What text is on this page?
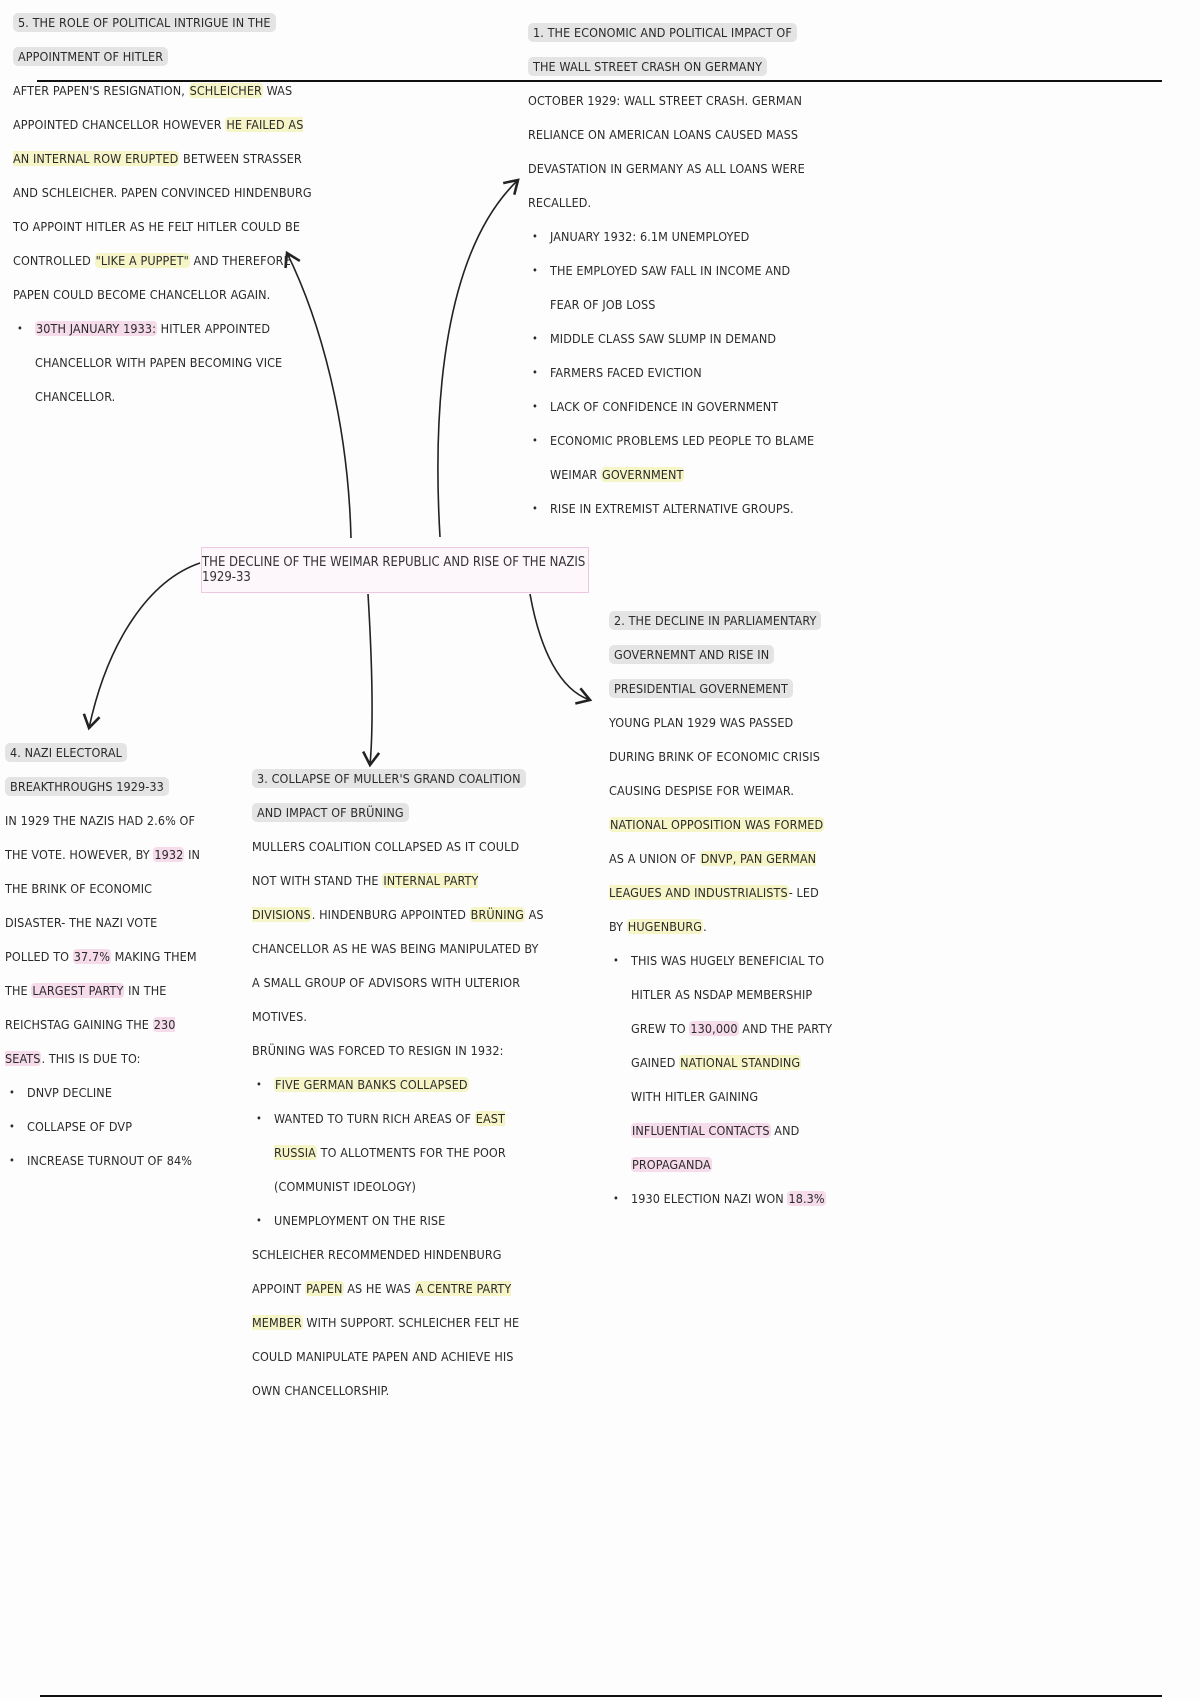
THE DECLINE OF THE WEIMAR REPUBLIC AND RISE OF THE NAZIS 1929-33

5. THE ROLE OF POLITICAL INTRIGUE IN THE APPOINTMENT OF HITLER

AFTER PAPEN'S RESIGNATION, SCHLEICHER WAS APPOINTED CHANCELLOR HOWEVER HE FAILED AS AN INTERNAL ROW ERUPTED BETWEEN STRASSER AND SCHLEICHER. PAPEN CONVINCED HINDENBURG TO APPOINT HITLER AS HE FELT HITLER COULD BE CONTROLLED "LIKE A PUPPET" AND THEREFORE PAPEN COULD BECOME CHANCELLOR AGAIN.

• 30TH JANUARY 1933: HITLER APPOINTED CHANCELLOR WITH PAPEN BECOMING VICE CHANCELLOR.

1. THE ECONOMIC AND POLITICAL IMPACT OF THE WALL STREET CRASH ON GERMANY

OCTOBER 1929: WALL STREET CRASH. GERMAN RELIANCE ON AMERICAN LOANS CAUSED MASS DEVASTATION IN GERMANY AS ALL LOANS WERE RECALLED.

• JANUARY 1932: 6.1M UNEMPLOYED
• THE EMPLOYED SAW FALL IN INCOME AND FEAR OF JOB LOSS
• MIDDLE CLASS SAW SLUMP IN DEMAND
• FARMERS FACED EVICTION
• LACK OF CONFIDENCE IN GOVERNMENT
• ECONOMIC PROBLEMS LED PEOPLE TO BLAME WEIMAR GOVERNMENT
• RISE IN EXTREMIST ALTERNATIVE GROUPS.

4. NAZI ELECTORAL BREAKTHROUGHS 1929-33

IN 1929 THE NAZIS HAD 2.6% OF THE VOTE. HOWEVER, BY 1932 IN THE BRINK OF ECONOMIC DISASTER- THE NAZI VOTE POLLED TO 37.7% MAKING THEM THE LARGEST PARTY IN THE REICHSTAG GAINING THE 230 SEATS. THIS IS DUE TO:

• DNVP DECLINE
• COLLAPSE OF DVP
• INCREASE TURNOUT OF 84%

3. COLLAPSE OF MULLER'S GRAND COALITION AND IMPACT OF BRÜNING

MULLERS COALITION COLLAPSED AS IT COULD NOT WITH STAND THE INTERNAL PARTY DIVISIONS. HINDENBURG APPOINTED BRÜNING AS CHANCELLOR AS HE WAS BEING MANIPULATED BY A SMALL GROUP OF ADVISORS WITH ULTERIOR MOTIVES.

BRÜNING WAS FORCED TO RESIGN IN 1932:

• FIVE GERMAN BANKS COLLAPSED
• WANTED TO TURN RICH AREAS OF EAST RUSSIA TO ALLOTMENTS FOR THE POOR (COMMUNIST IDEOLOGY)
• UNEMPLOYMENT ON THE RISE

SCHLEICHER RECOMMENDED HINDENBURG APPOINT PAPEN AS HE WAS A CENTRE PARTY MEMBER WITH SUPPORT. SCHLEICHER FELT HE COULD MANIPULATE PAPEN AND ACHIEVE HIS OWN CHANCELLORSHIP.

2. THE DECLINE IN PARLIAMENTARY GOVERNEMNT AND RISE IN PRESIDENTIAL GOVERNEMENT

YOUNG PLAN 1929 WAS PASSED DURING BRINK OF ECONOMIC CRISIS CAUSING DESPISE FOR WEIMAR. NATIONAL OPPOSITION WAS FORMED AS A UNION OF DNVP, PAN GERMAN LEAGUES AND INDUSTRIALISTS- LED BY HUGENBURG.

• THIS WAS HUGELY BENEFICIAL TO HITLER AS NSDAP MEMBERSHIP GREW TO 130,000 AND THE PARTY GAINED NATIONAL STANDING WITH HITLER GAINING INFLUENTIAL CONTACTS AND PROPAGANDA
• 1930 ELECTION NAZI WON 18.3%
